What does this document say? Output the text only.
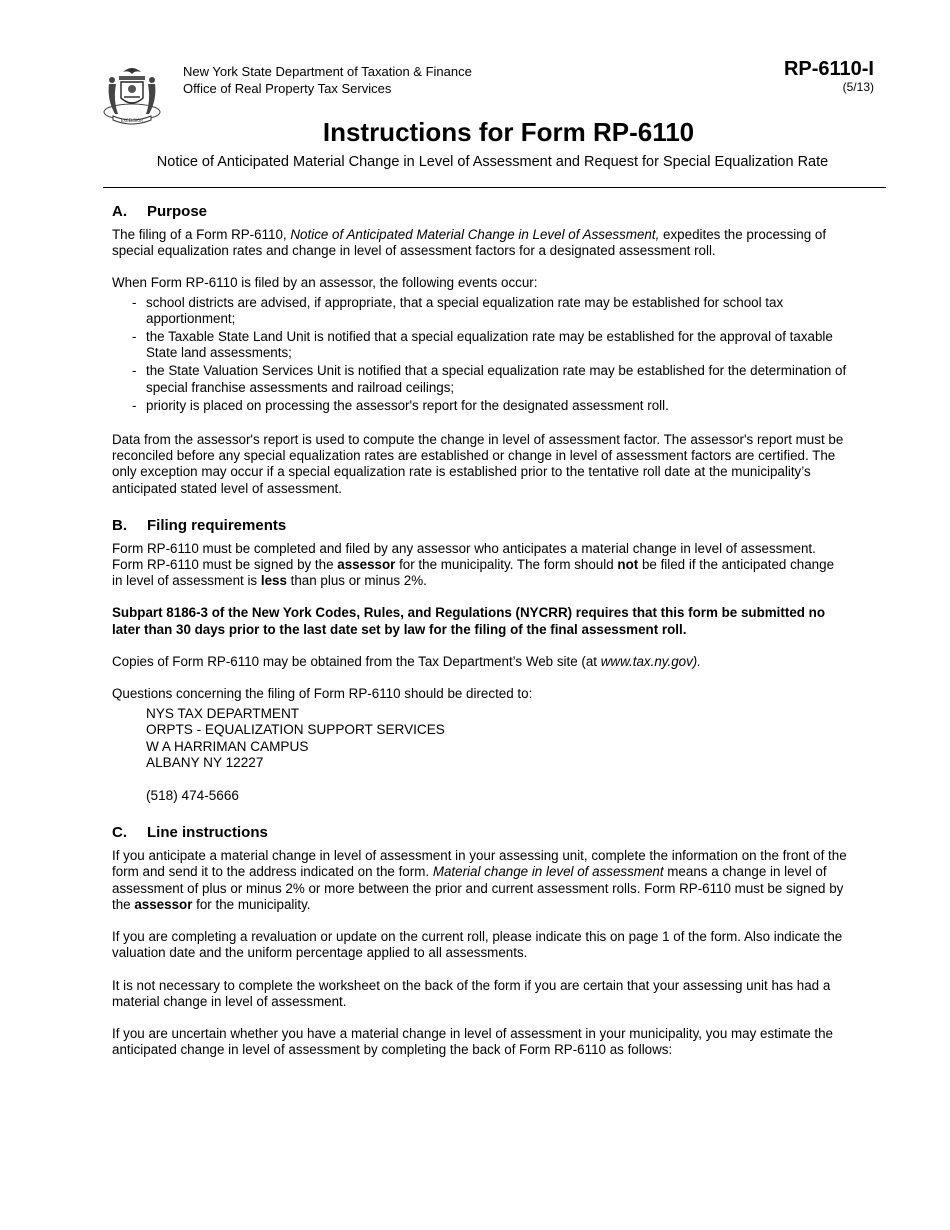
EXCELSIOR
New York State Department of Taxation & Finance
Office of Real Property Tax Services
RP-6110-I
(5/13)
Instructions for Form RP-6110
Notice of Anticipated Material Change in Level of Assessment and Request for Special Equalization Rate
A. Purpose

The filing of a Form RP-6110, Notice of Anticipated Material Change in Level of Assessment, expedites the processing of special equalization rates and change in level of assessment factors for a designated assessment roll.

When Form RP-6110 is filed by an assessor, the following events occur:

- school districts are advised, if appropriate, that a special equalization rate may be established for school tax apportionment;
- the Taxable State Land Unit is notified that a special equalization rate may be established for the approval of taxable State land assessments;
- the State Valuation Services Unit is notified that a special equalization rate may be established for the determination of special franchise assessments and railroad ceilings;
- priority is placed on processing the assessor's report for the designated assessment roll.

Data from the assessor's report is used to compute the change in level of assessment factor. The assessor's report must be reconciled before any special equalization rates are established or change in level of assessment factors are certified. The only exception may occur if a special equalization rate is established prior to the tentative roll date at the municipality’s anticipated stated level of assessment.

B. Filing requirements

Form RP-6110 must be completed and filed by any assessor who anticipates a material change in level of assessment. Form RP-6110 must be signed by the assessor for the municipality. The form should not be filed if the anticipated change in level of assessment is less than plus or minus 2%.

Subpart 8186-3 of the New York Codes, Rules, and Regulations (NYCRR) requires that this form be submitted no later than 30 days prior to the last date set by law for the filing of the final assessment roll.

Copies of Form RP-6110 may be obtained from the Tax Department’s Web site (at www.tax.ny.gov).

Questions concerning the filing of Form RP-6110 should be directed to:

NYS TAX DEPARTMENT
ORPTS - EQUALIZATION SUPPORT SERVICES
W A HARRIMAN CAMPUS
ALBANY NY 12227
(518) 474-5666
C. Line instructions

If you anticipate a material change in level of assessment in your assessing unit, complete the information on the front of the form and send it to the address indicated on the form. Material change in level of assessment means a change in level of assessment of plus or minus 2% or more between the prior and current assessment rolls. Form RP-6110 must be signed by the assessor for the municipality.

If you are completing a revaluation or update on the current roll, please indicate this on page 1 of the form. Also indicate the valuation date and the uniform percentage applied to all assessments.

It is not necessary to complete the worksheet on the back of the form if you are certain that your assessing unit has had a material change in level of assessment.

If you are uncertain whether you have a material change in level of assessment in your municipality, you may estimate the anticipated change in level of assessment by completing the back of Form RP-6110 as follows:
